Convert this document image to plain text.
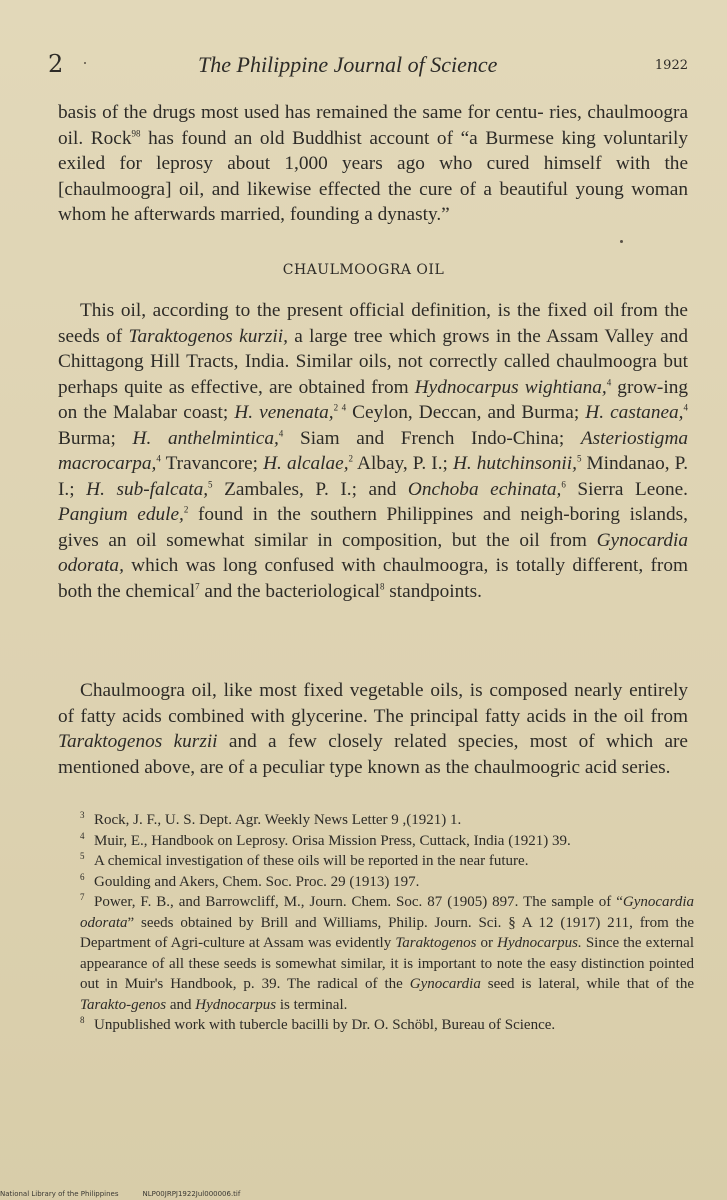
2	The Philippine Journal of Science	1922

basis of the drugs most used has remained the same for centu- ries, chaulmoogra oil. Rock$^{98}$ has found an old Buddhist account of “a Burmese king voluntarily exiled for leprosy about 1,000 years ago who cured himself with the [chaulmoogra] oil, and likewise effected the cure of a beautiful young woman whom he afterwards married, founding a dynasty.”

CHAULMOOGRA OIL

This oil, according to the present official definition, is the fixed oil from the seeds of Taraktogenos kurzii, a large tree which grows in the Assam Valley and Chittagong Hill Tracts, India. Similar oils, not correctly called chaulmoogra but perhaps quite as effective, are obtained from Hydnocarpus wightiana,$^4$ grow-ing on the Malabar coast; H. venenata,$^{2 4}$ Ceylon, Deccan, and Burma; H. castanea,$^4$ Burma; H. anthelmintica,$^4$ Siam and French Indo-China; Asteriostigma macrocarpa,$^4$ Travancore; H. alcalae,$^2$ Albay, P. I.; H. hutchinsonii,$^5$ Mindanao, P. I.; H. sub-falcata,$^5$ Zambales, P. I.; and Onchoba echinata,$^6$ Sierra Leone. Pangium edule,$^2$ found in the southern Philippines and neigh-boring islands, gives an oil somewhat similar in composition, but the oil from Gynocardia odorata, which was long confused with chaulmoogra, is totally different, from both the chemical$^7$ and the bacteriological$^8$ standpoints.

Chaulmoogra oil, like most fixed vegetable oils, is composed nearly entirely of fatty acids combined with glycerine. The principal fatty acids in the oil from Taraktogenos kurzii and a few closely related species, most of which are mentioned above, are of a peculiar type known as the chaulmoogric acid series.

3 Rock, J. F., U. S. Dept. Agr. Weekly News Letter 9 ,(1921) 1.

4 Muir, E., Handbook on Leprosy. Orisa Mission Press, Cuttack, India (1921) 39.

5 A chemical investigation of these oils will be reported in the near future.

6 Goulding and Akers, Chem. Soc. Proc. 29 (1913) 197.

7 Power, F. B., and Barrowcliff, M., Journ. Chem. Soc. 87 (1905) 897. The sample of “Gynocardia odorata” seeds obtained by Brill and Williams, Philip. Journ. Sci. § A 12 (1917) 211, from the Department of Agri-culture at Assam was evidently Taraktogenos or Hydnocarpus. Since the external appearance of all these seeds is somewhat similar, it is important to note the easy distinction pointed out in Muir's Handbook, p. 39. The radical of the Gynocardia seed is lateral, while that of the Tarakto-genos and Hydnocarpus is terminal.

8 Unpublished work with tubercle bacilli by Dr. O. Schöbl, Bureau of Science.

National Library of the Philippines	NLP00JRPJ1922Jul000006.tif
